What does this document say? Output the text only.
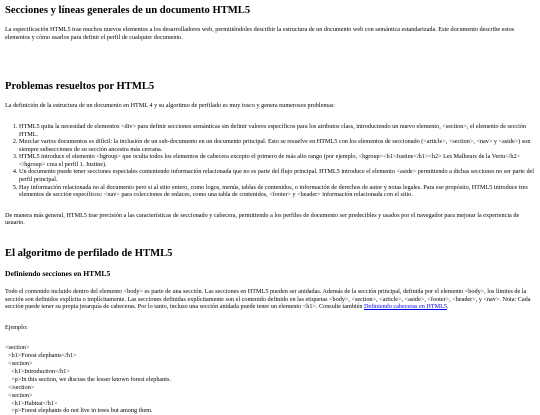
Secciones y líneas generales de un documento HTML5

La especificación HTML5 trae muchos nuevos elementos a los desarrolladores web, permitiéndoles describir la estructura de un documento web con semántica estandarizada. Este documento describe estos elementos y cómo usarlos para definir el perfil de cualquier documento.

Problemas resueltos por HTML5

La definición de la estructura de un documento en HTML 4 y su algoritmo de perfilado es muy tosco y genera numerosos problemas:

1. HTML5 quita la necesidad de elementos <div> para definir secciones semánticas sin definir valores específicos para los atributos class, introduciendo un nuevo elemento, <section>, el elemento de sección HTML.
2. Mezclar varios documentos es difícil: la inclusión de un sub-documento en un documento principal. Esto se resuelve en HTML5 con los elementos de seccionado (<article>, <section>, <nav> y <aside>) son siempre subsecciones de su sección ancestra más cercana.
3. HTML5 introduce el elemento <hgroup> que oculta todos los elementos de cabecera excepto el primero de más alto rango (por ejemplo, <hgroup><h1>Justine</h1><h2> Les Malheurs de la Vertu</h2></hgroup> crea el perfil 1. Justine).
4. Un documento puede tener secciones especiales conteniendo información relacionada que no es parte del flujo principal. HTML5 introduce el elemento <aside> permitiendo a dichas secciones no ser parte del perfil principal.
5. Hay información relacionada no al documento pero si al sitio entero, como logos, menús, tablas de contenidos, o información de derechos de autor y notas legales. Para ese propósito, HTML5 introduce tres elementos de sección específicos: <nav> para colecciones de enlaces, como una tabla de contenidos, <footer> y <header> información relacionada con el sitio.

De manera más general, HTML5 trae precisión a las características de seccionado y cabecera, permitiendo a los perfiles de documento ser predecibles y usados por el navegador para mejorar la experiencia de usuario.

El algoritmo de perfilado de HTML5
Definiendo secciones en HTML5

Todo el contenido incluido dentro del elemento <body> es parte de una sección. Las secciones en HTML5 pueden ser anidadas. Además de la sección principal, definida por el elemento <body>, los límites de la sección son definidos explícita o implícitamente. Las secciones definidas explícitamente son el contenido definido en las etiquetas <body>, <section>, <article>, <aside>, <footer>, <header>, y <nav>. Nota: Cada sección puede tener su propia jerarquía de cabeceras. Por lo tanto, incluso una sección anidada puede tener un elemento <h1>. Consulte también Definiendo cabeceras en HTML5.

Ejemplo:

<section>
<h1>Forest elephants</h1>
<section>
<h1>Introduction</h1>
<p>In this section, we discuss the lesser known forest elephants.
</section>
<section>
<h1>Habitat</h1>
<p>Forest elephants do not live in trees but among them.
